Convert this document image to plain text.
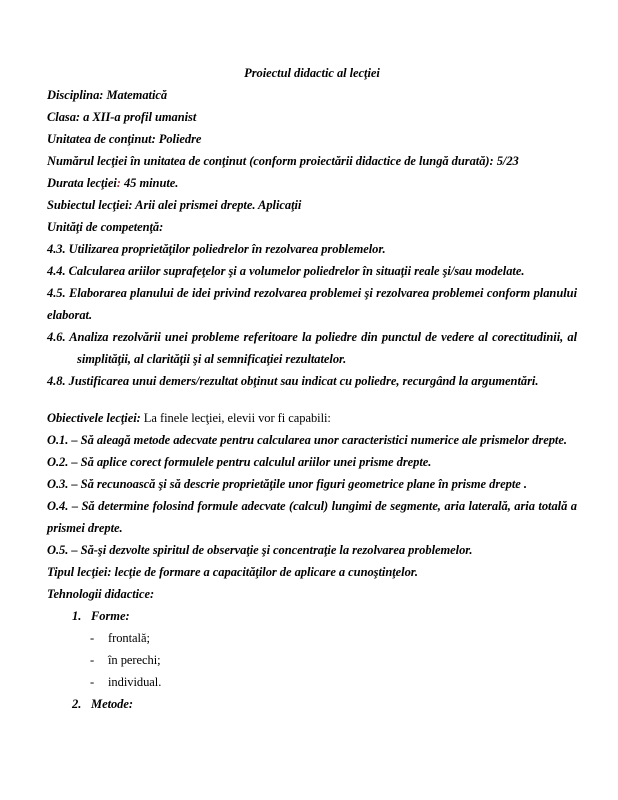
Proiectul didactic al lecţiei

Disciplina: Matematică

Clasa: a XII-a profil umanist

Unitatea de conţinut: Poliedre

Numărul lecţiei în unitatea de conţinut (conform proiectării didactice de lungă durată): 5/23

Durata lecţiei: 45 minute.

Subiectul lecţiei: Arii alei prismei drepte. Aplicaţii

Unităţi de competenţă:

4.3. Utilizarea proprietăţilor poliedrelor în rezolvarea problemelor.

4.4. Calcularea ariilor suprafeţelor şi a volumelor poliedrelor în situaţii reale şi/sau modelate.

4.5. Elaborarea planului de idei privind rezolvarea problemei şi rezolvarea problemei conform planului elaborat.

4.6. Analiza rezolvării unei probleme referitoare la poliedre din punctul de vedere al corectitudinii, al simplităţii, al clarităţii şi al semnificaţiei rezultatelor.

4.8. Justificarea unui demers/rezultat obţinut sau indicat cu poliedre, recurgând la argumentări.

Obiectivele lecţiei: La finele lecţiei, elevii vor fi capabili:

O.1. – Să aleagă metode adecvate pentru calcularea unor caracteristici numerice ale prismelor drepte.

O.2. – Să aplice corect formulele pentru calculul ariilor unei prisme drepte.

O.3. – Să recunoască şi să descrie proprietăţile unor figuri geometrice plane în prisme drepte .

O.4. – Să determine folosind formule adecvate (calcul) lungimi de segmente, aria laterală, aria totală a prismei drepte.

O.5. – Să-şi dezvolte spiritul de observaţie şi concentraţie la rezolvarea problemelor.

Tipul lecţiei: lecţie de formare a capacităţilor de aplicare a cunoştinţelor.

Tehnologii didactice:

1. Forme:

- frontală;

- în perechi;

- individual.

2. Metode:
